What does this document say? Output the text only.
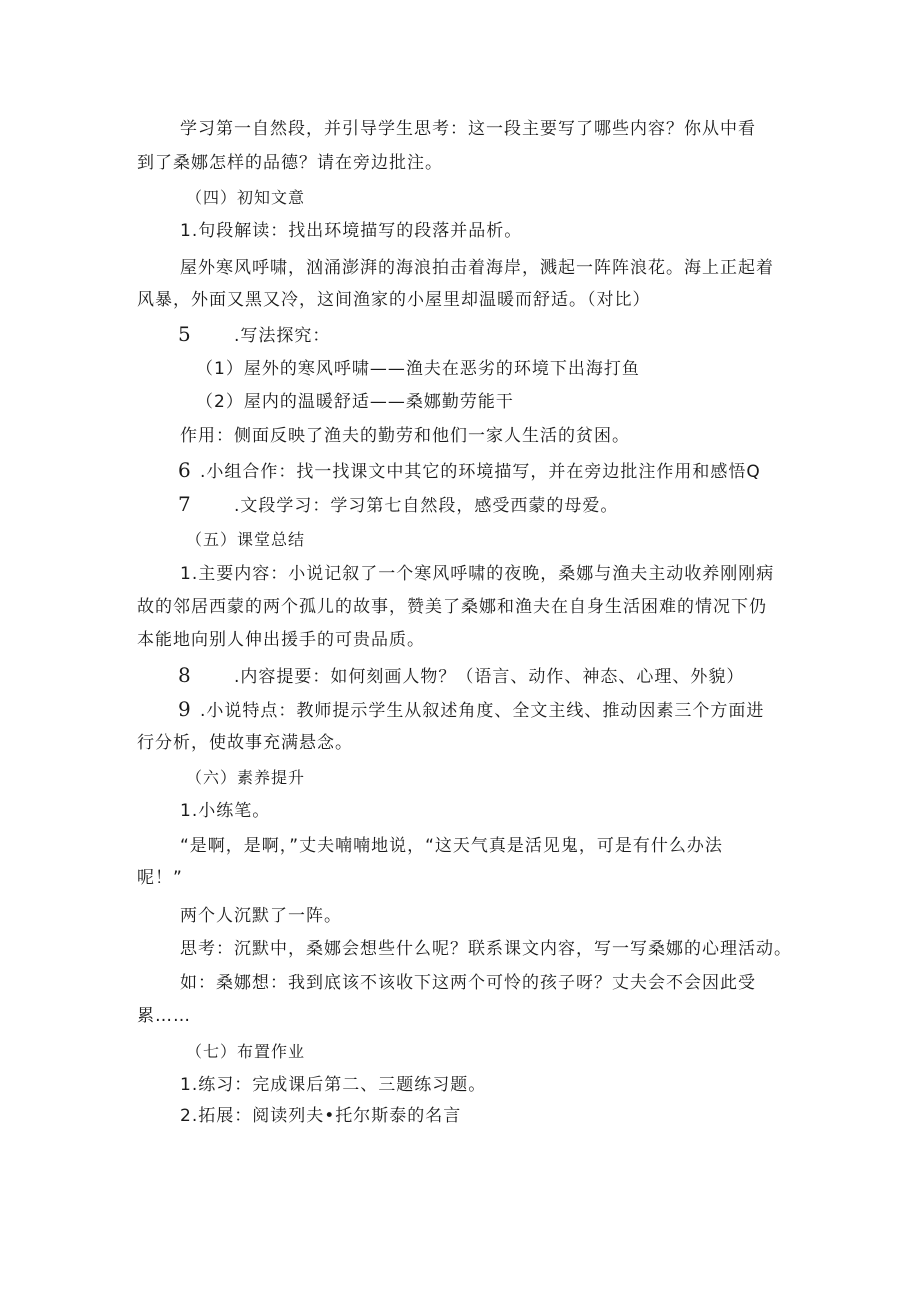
学习第一自然段，并引导学生思考：这一段主要写了哪些内容？你从中看
到了桑娜怎样的品德？请在旁边批注。
（四）初知文意
1.句段解读：找出环境描写的段落并品析。
屋外寒风呼啸，汹涌澎湃的海浪拍击着海岸，溅起一阵阵浪花。海上正起着
风暴，外面又黑又冷，这间渔家的小屋里却温暖而舒适。（对比）
5 .写法探究：
（1）屋外的寒风呼啸——渔夫在恶劣的环境下出海打鱼
（2）屋内的温暖舒适——桑娜勤劳能干
作用：侧面反映了渔夫的勤劳和他们一家人生活的贫困。
6 .小组合作：找一找课文中其它的环境描写，并在旁边批注作用和感悟Q
7 .文段学习：学习第七自然段，感受西蒙的母爱。
（五）课堂总结
1.主要内容：小说记叙了一个寒风呼啸的夜晚，桑娜与渔夫主动收养刚刚病
故的邻居西蒙的两个孤儿的故事，赞美了桑娜和渔夫在自身生活困难的情况下仍
本能地向别人伸出援手的可贵品质。
8 .内容提要：如何刻画人物？（语言、动作、神态、心理、外貌）
9 .小说特点：教师提示学生从叙述角度、全文主线、推动因素三个方面进
行分析，使故事充满悬念。
（六）素养提升
1.小练笔。
“是啊，是啊，”丈夫喃喃地说，“这天气真是活见鬼，可是有什么办法
呢！”
两个人沉默了一阵。
思考：沉默中，桑娜会想些什么呢？联系课文内容，写一写桑娜的心理活动。
如：桑娜想：我到底该不该收下这两个可怜的孩子呀？丈夫会不会因此受
累……
（七）布置作业
1.练习：完成课后第二、三题练习题。
2.拓展：阅读列夫•托尔斯泰的名言
